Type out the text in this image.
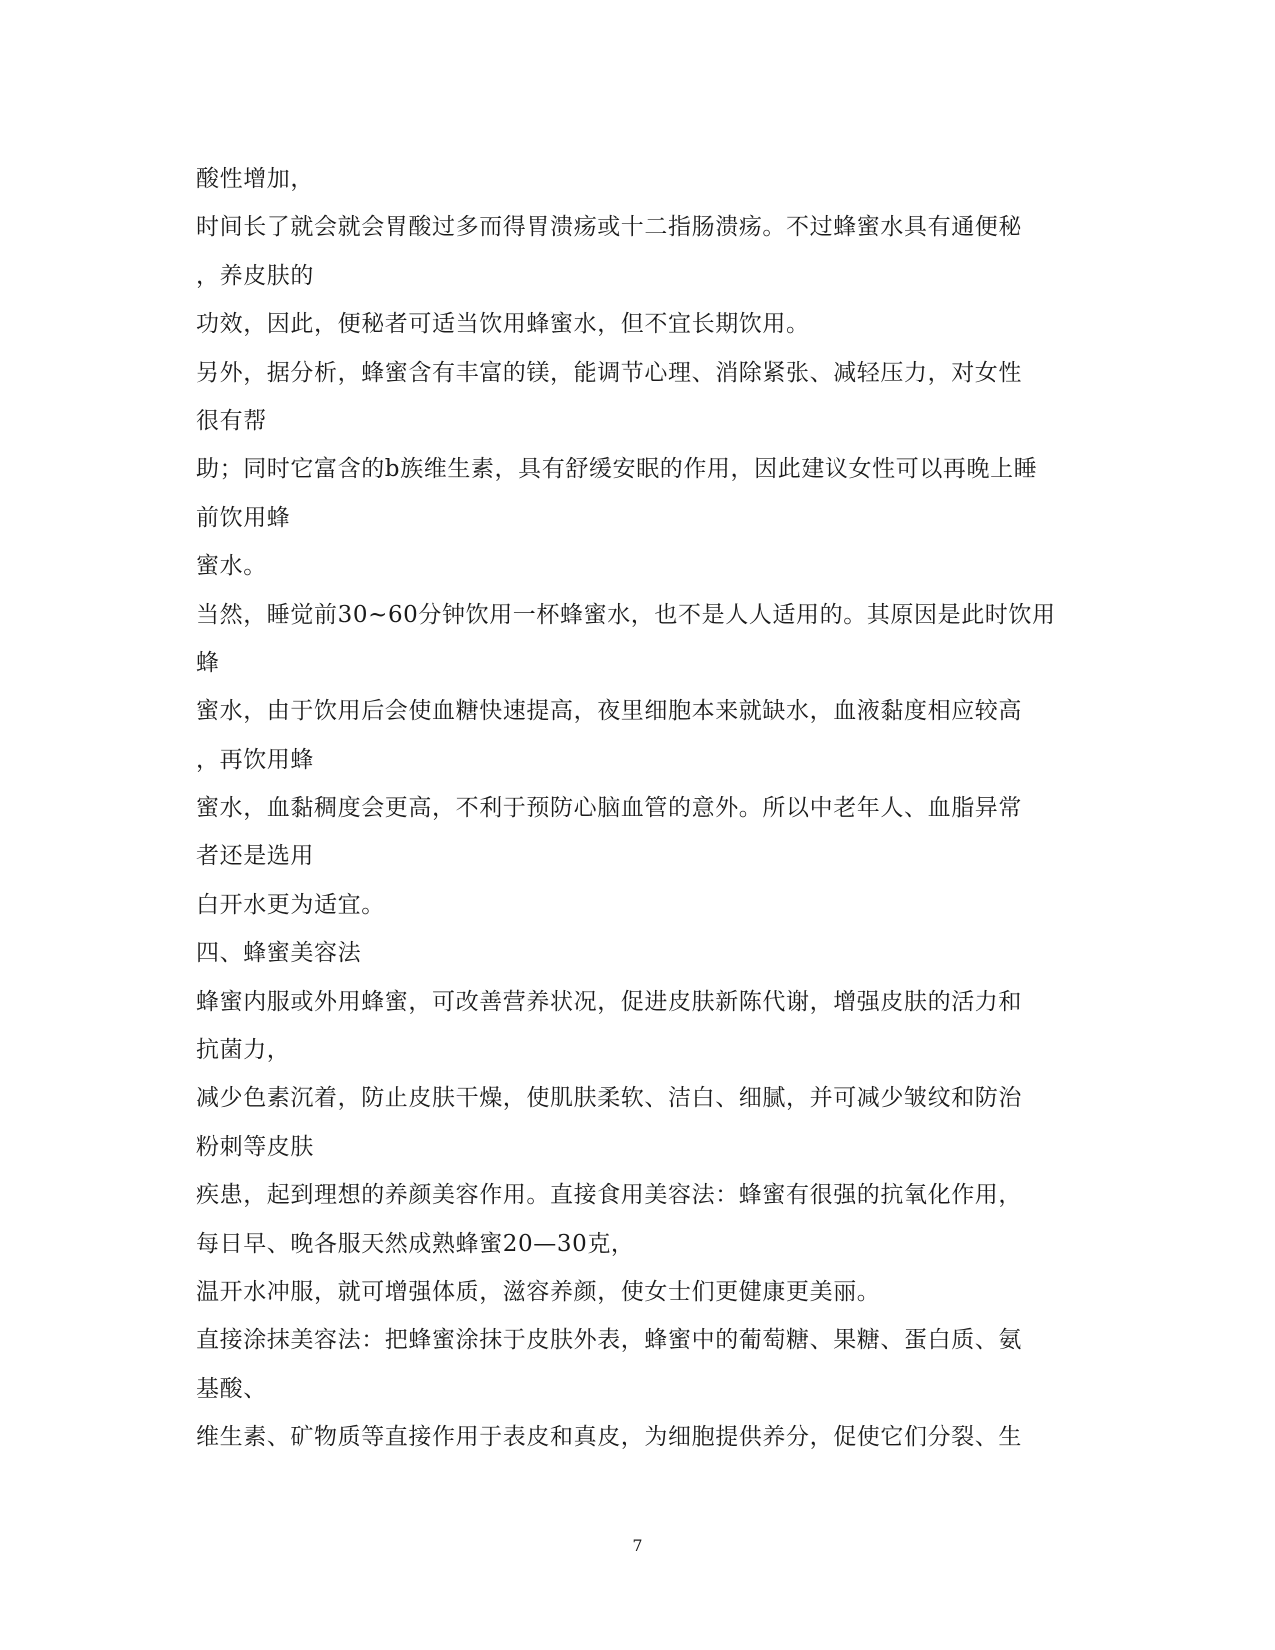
酸性增加，
时间长了就会就会胃酸过多而得胃溃疡或十二指肠溃疡。不过蜂蜜水具有通便秘
，养皮肤的
功效，因此，便秘者可适当饮用蜂蜜水，但不宜长期饮用。
另外，据分析，蜂蜜含有丰富的镁，能调节心理、消除紧张、减轻压力，对女性
很有帮
助；同时它富含的b族维生素，具有舒缓安眠的作用，因此建议女性可以再晚上睡
前饮用蜂
蜜水。
当然，睡觉前30~60分钟饮用一杯蜂蜜水，也不是人人适用的。其原因是此时饮用
蜂
蜜水，由于饮用后会使血糖快速提高，夜里细胞本来就缺水，血液黏度相应较高
，再饮用蜂
蜜水，血黏稠度会更高，不利于预防心脑血管的意外。所以中老年人、血脂异常
者还是选用
白开水更为适宜。
四、蜂蜜美容法
蜂蜜内服或外用蜂蜜，可改善营养状况，促进皮肤新陈代谢，增强皮肤的活力和
抗菌力，
减少色素沉着，防止皮肤干燥，使肌肤柔软、洁白、细腻，并可减少皱纹和防治
粉刺等皮肤
疾患，起到理想的养颜美容作用。直接食用美容法：蜂蜜有很强的抗氧化作用，
每日早、晚各服天然成熟蜂蜜20—30克，
温开水冲服，就可增强体质，滋容养颜，使女士们更健康更美丽。
直接涂抹美容法：把蜂蜜涂抹于皮肤外表，蜂蜜中的葡萄糖、果糖、蛋白质、氨
基酸、
维生素、矿物质等直接作用于表皮和真皮，为细胞提供养分，促使它们分裂、生
7
